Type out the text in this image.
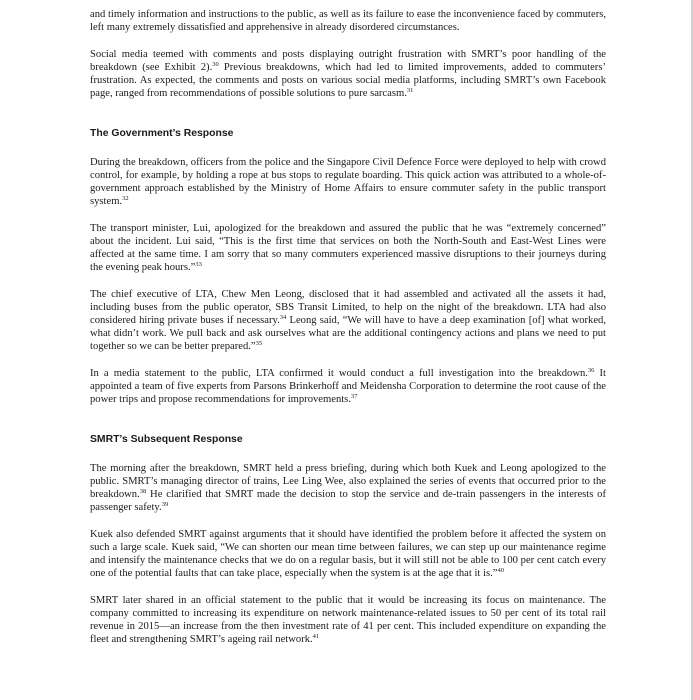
and timely information and instructions to the public, as well as its failure to ease the inconvenience faced by commuters, left many extremely dissatisfied and apprehensive in already disordered circumstances.

Social media teemed with comments and posts displaying outright frustration with SMRT’s poor handling of the breakdown (see Exhibit 2).$^{30}$ Previous breakdowns, which had led to limited improvements, added to commuters’ frustration. As expected, the comments and posts on various social media platforms, including SMRT’s own Facebook page, ranged from recommendations of possible solutions to pure sarcasm.$^{31}$

The Government’s Response

During the breakdown, officers from the police and the Singapore Civil Defence Force were deployed to help with crowd control, for example, by holding a rope at bus stops to regulate boarding. This quick action was attributed to a whole-of-government approach established by the Ministry of Home Affairs to ensure commuter safety in the public transport system.$^{32}$

The transport minister, Lui, apologized for the breakdown and assured the public that he was “extremely concerned” about the incident. Lui said, “This is the first time that services on both the North-South and East-West Lines were affected at the same time. I am sorry that so many commuters experienced massive disruptions to their journeys during the evening peak hours.”$^{33}$

The chief executive of LTA, Chew Men Leong, disclosed that it had assembled and activated all the assets it had, including buses from the public operator, SBS Transit Limited, to help on the night of the breakdown. LTA had also considered hiring private buses if necessary.$^{34}$ Leong said, “We will have to have a deep examination [of] what worked, what didn’t work. We pull back and ask ourselves what are the additional contingency actions and plans we need to put together so we can be better prepared.”$^{35}$

In a media statement to the public, LTA confirmed it would conduct a full investigation into the breakdown.$^{36}$ It appointed a team of five experts from Parsons Brinkerhoff and Meidensha Corporation to determine the root cause of the power trips and propose recommendations for improvements.$^{37}$

SMRT’s Subsequent Response

The morning after the breakdown, SMRT held a press briefing, during which both Kuek and Leong apologized to the public. SMRT’s managing director of trains, Lee Ling Wee, also explained the series of events that occurred prior to the breakdown.$^{38}$ He clarified that SMRT made the decision to stop the service and de-train passengers in the interests of passenger safety.$^{39}$

Kuek also defended SMRT against arguments that it should have identified the problem before it affected the system on such a large scale. Kuek said, “We can shorten our mean time between failures, we can step up our maintenance regime and intensify the maintenance checks that we do on a regular basis, but it will still not be able to 100 per cent catch every one of the potential faults that can take place, especially when the system is at the age that it is.”$^{40}$

SMRT later shared in an official statement to the public that it would be increasing its focus on maintenance. The company committed to increasing its expenditure on network maintenance-related issues to 50 per cent of its total rail revenue in 2015—an increase from the then investment rate of 41 per cent. This included expenditure on expanding the fleet and strengthening SMRT’s ageing rail network.$^{41}$
